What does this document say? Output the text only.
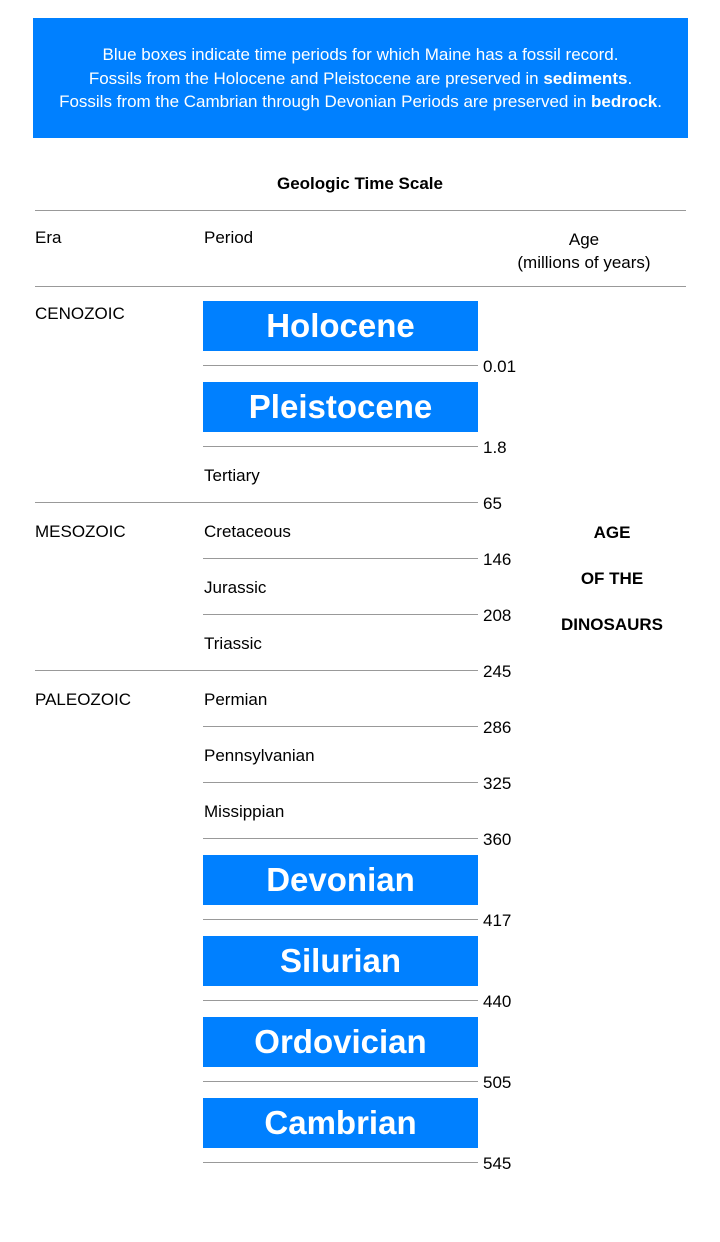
Blue boxes indicate time periods for which Maine has a fossil record.
Fossils from the Holocene and Pleistocene are preserved in sediments.
Fossils from the Cambrian through Devonian Periods are preserved in bedrock.
Geologic Time Scale
Era	Period	Age
(millions of years)
CENOZOIC
MESOZOIC
PALEOZOIC
Holocene
0.01
Pleistocene
1.8
Tertiary
65
Cretaceous
146
Jurassic
208
Triassic
245
Permian
286
Pennsylvanian
325
Missippian
360
Devonian
417
Silurian
440
Ordovician
505
Cambrian
545
AGE
OF THE
DINOSAURS
